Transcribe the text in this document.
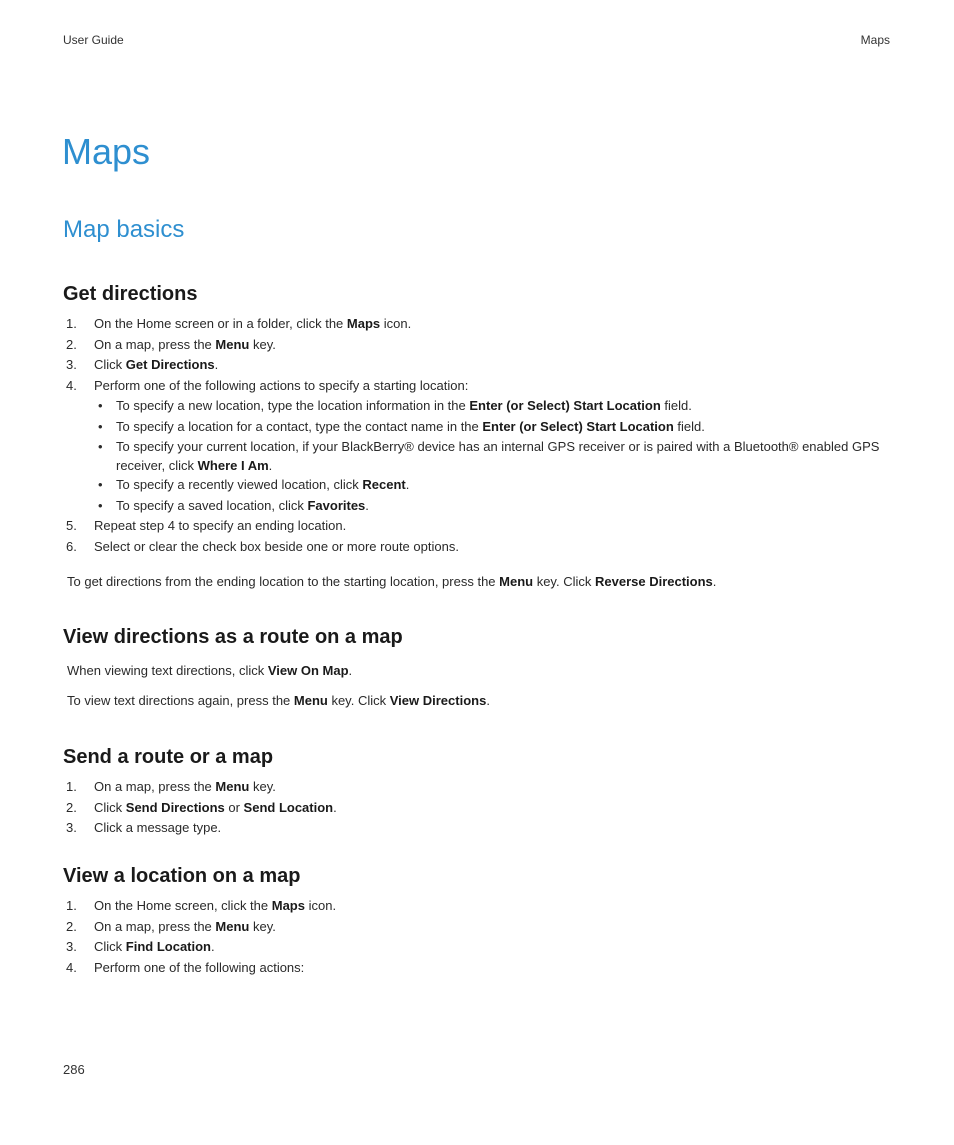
User Guide	Maps
Maps
Map basics
Get directions
1. On the Home screen or in a folder, click the Maps icon.
2. On a map, press the Menu key.
3. Click Get Directions.
4. Perform one of the following actions to specify a starting location:
• To specify a new location, type the location information in the Enter (or Select) Start Location field.
• To specify a location for a contact, type the contact name in the Enter (or Select) Start Location field.
• To specify your current location, if your BlackBerry® device has an internal GPS receiver or is paired with a Bluetooth® enabled GPS receiver, click Where I Am.
• To specify a recently viewed location, click Recent.
• To specify a saved location, click Favorites.
5. Repeat step 4 to specify an ending location.
6. Select or clear the check box beside one or more route options.
To get directions from the ending location to the starting location, press the Menu key. Click Reverse Directions.
View directions as a route on a map
When viewing text directions, click View On Map.
To view text directions again, press the Menu key. Click View Directions.
Send a route or a map
1. On a map, press the Menu key.
2. Click Send Directions or Send Location.
3. Click a message type.
View a location on a map
1. On the Home screen, click the Maps icon.
2. On a map, press the Menu key.
3. Click Find Location.
4. Perform one of the following actions:
286
